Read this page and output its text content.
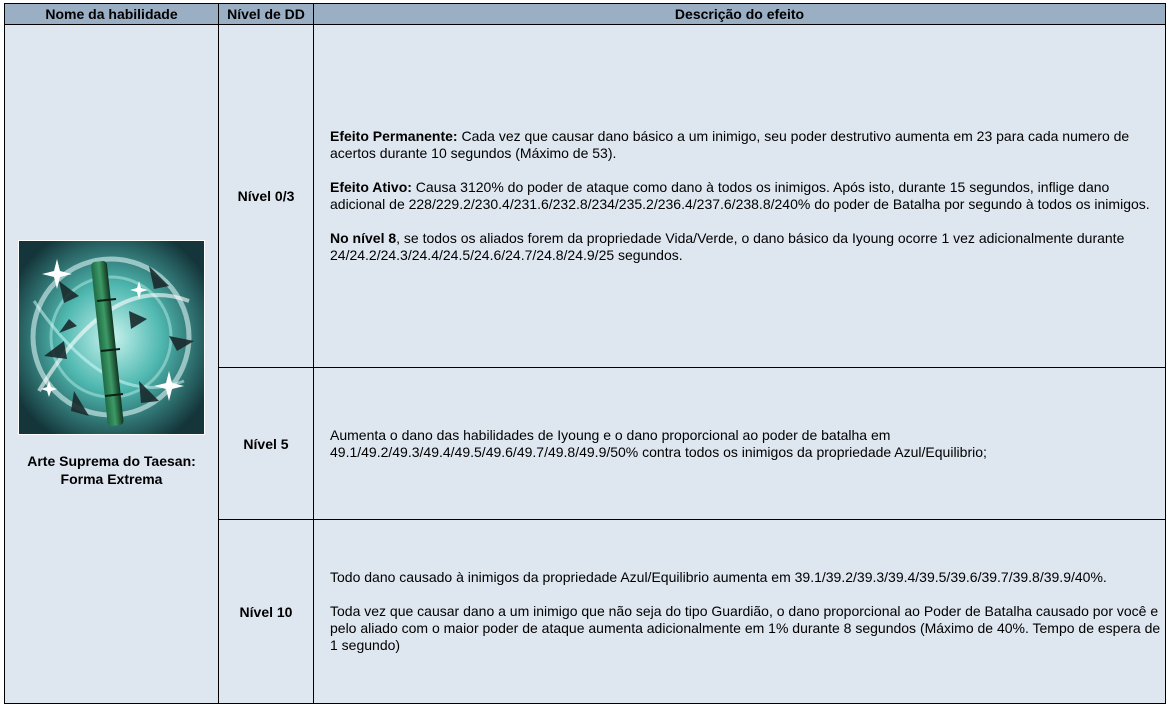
Nome da habilidade	Nível de DD	Descrição do efeito

Arte Suprema do Taesan: Forma Extrema	Nível 0/3	Efeito Permanente: Cada vez que causar dano básico a um inimigo, seu poder destrutivo aumenta em 23 para cada numero de acertos durante 10 segundos (Máximo de 53).

Efeito Ativo: Causa 3120% do poder de ataque como dano à todos os inimigos. Após isto, durante 15 segundos, inflige dano adicional de 228/229.2/230.4/231.6/232.8/234/235.2/236.4/237.6/238.8/240% do poder de Batalha por segundo à todos os inimigos.

No nível 8, se todos os aliados forem da propriedade Vida/Verde, o dano básico da Iyoung ocorre 1 vez adicionalmente durante 24/24.2/24.3/24.4/24.5/24.6/24.7/24.8/24.9/25 segundos.

	Nível 5	Aumenta o dano das habilidades de Iyoung e o dano proporcional ao poder de batalha em 49.1/49.2/49.3/49.4/49.5/49.6/49.7/49.8/49.9/50% contra todos os inimigos da propriedade Azul/Equilibrio;

	Nível 10	Todo dano causado à inimigos da propriedade Azul/Equilibrio aumenta em 39.1/39.2/39.3/39.4/39.5/39.6/39.7/39.8/39.9/40%.

Toda vez que causar dano a um inimigo que não seja do tipo Guardião, o dano proporcional ao Poder de Batalha causado por você e pelo aliado com o maior poder de ataque aumenta adicionalmente em 1% durante 8 segundos (Máximo de 40%. Tempo de espera de 1 segundo)
